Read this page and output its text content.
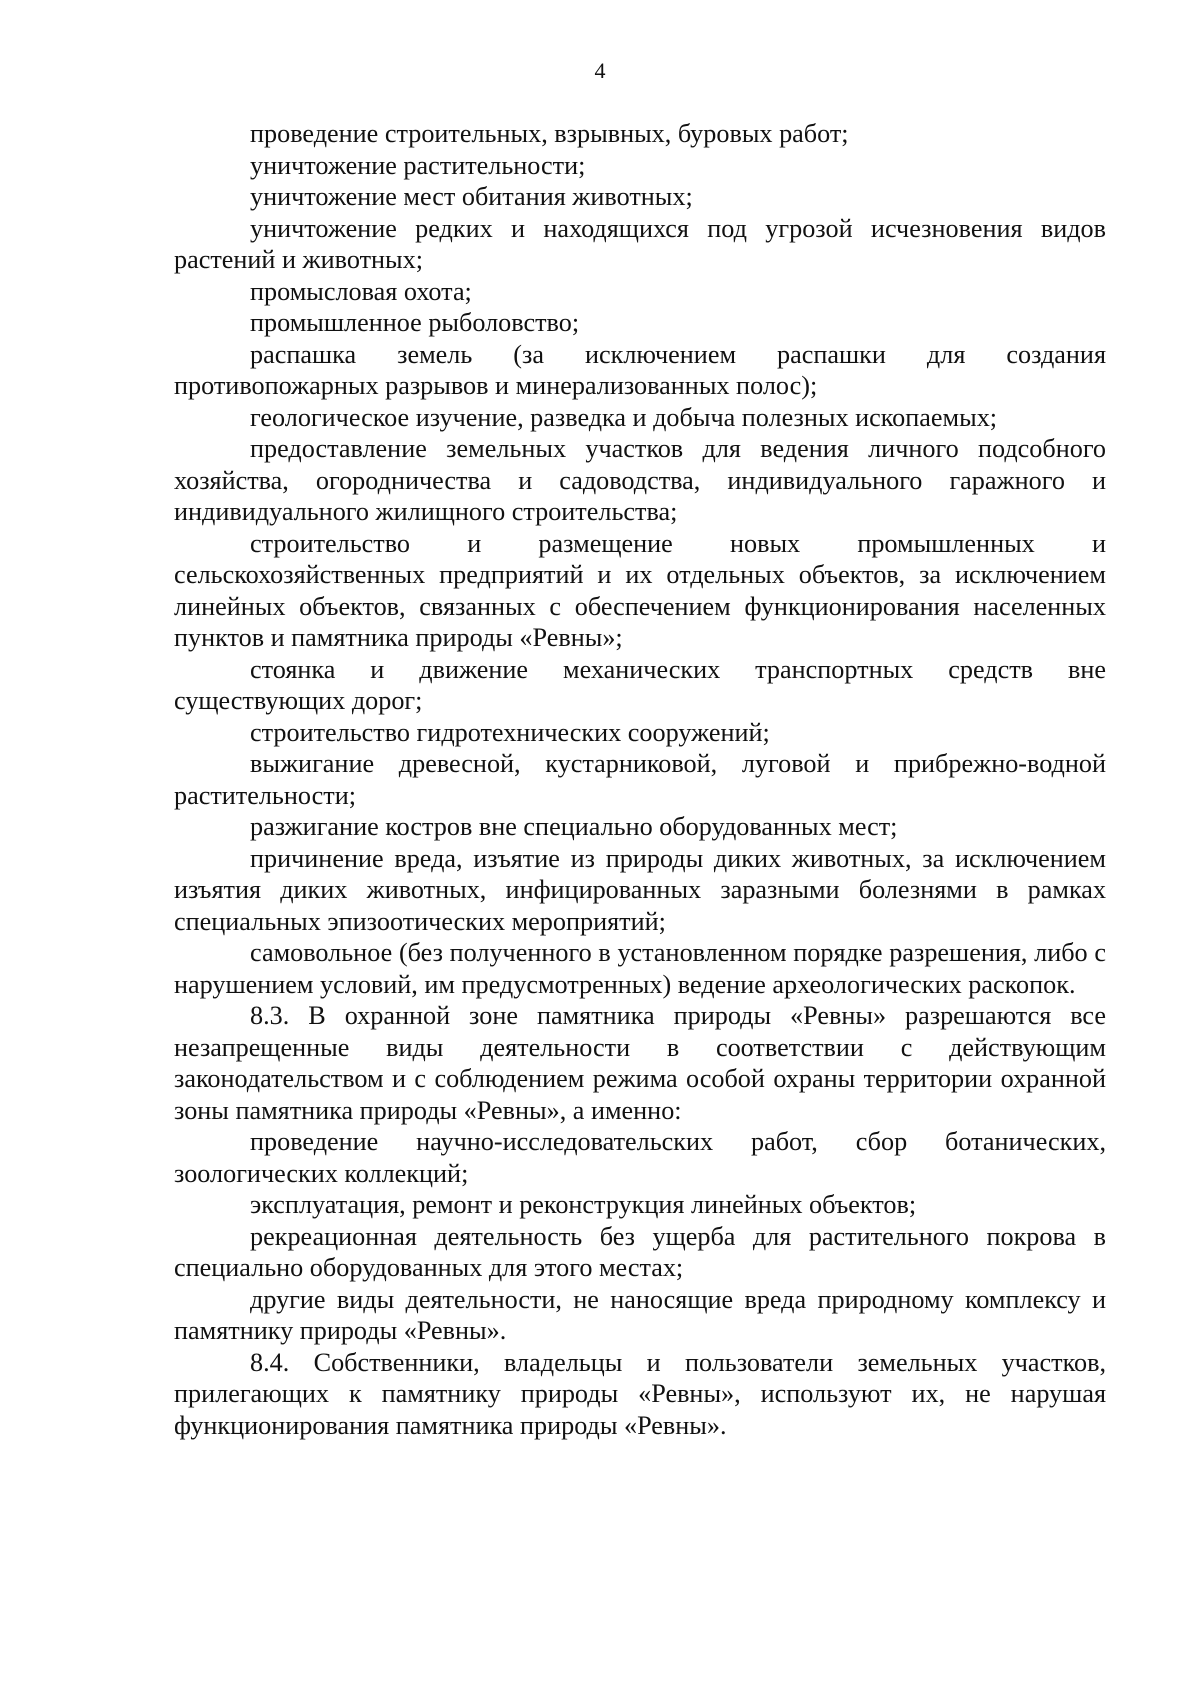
4

проведение строительных, взрывных, буровых работ;

уничтожение растительности;

уничтожение мест обитания животных;

уничтожение редких и находящихся под угрозой исчезновения видов растений и животных;

промысловая охота;

промышленное рыболовство;

распашка земель (за исключением распашки для создания противопожарных разрывов и минерализованных полос);

геологическое изучение, разведка и добыча полезных ископаемых;

предоставление земельных участков для ведения личного подсобного хозяйства, огородничества и садоводства, индивидуального гаражного и индивидуального жилищного строительства;

строительство и размещение новых промышленных и сельскохозяйственных предприятий и их отдельных объектов, за исключением линейных объектов, связанных с обеспечением функционирования населенных пунктов и памятника природы «Ревны»;

стоянка и движение механических транспортных средств вне существующих дорог;

строительство гидротехнических сооружений;

выжигание древесной, кустарниковой, луговой и прибрежно-водной растительности;

разжигание костров вне специально оборудованных мест;

причинение вреда, изъятие из природы диких животных, за исключением изъятия диких животных, инфицированных заразными болезнями в рамках специальных эпизоотических мероприятий;

самовольное (без полученного в установленном порядке разрешения, либо с нарушением условий, им предусмотренных) ведение археологических раскопок.

8.3. В охранной зоне памятника природы «Ревны» разрешаются все незапрещенные виды деятельности в соответствии с действующим законодательством и с соблюдением режима особой охраны территории охранной зоны памятника природы «Ревны», а именно:

проведение научно-исследовательских работ, сбор ботанических, зоологических коллекций;

эксплуатация, ремонт и реконструкция линейных объектов;

рекреационная деятельность без ущерба для растительного покрова в специально оборудованных для этого местах;

другие виды деятельности, не наносящие вреда природному комплексу и памятнику природы «Ревны».

8.4. Собственники, владельцы и пользователи земельных участков, прилегающих к памятнику природы «Ревны», используют их, не нарушая функционирования памятника природы «Ревны».
